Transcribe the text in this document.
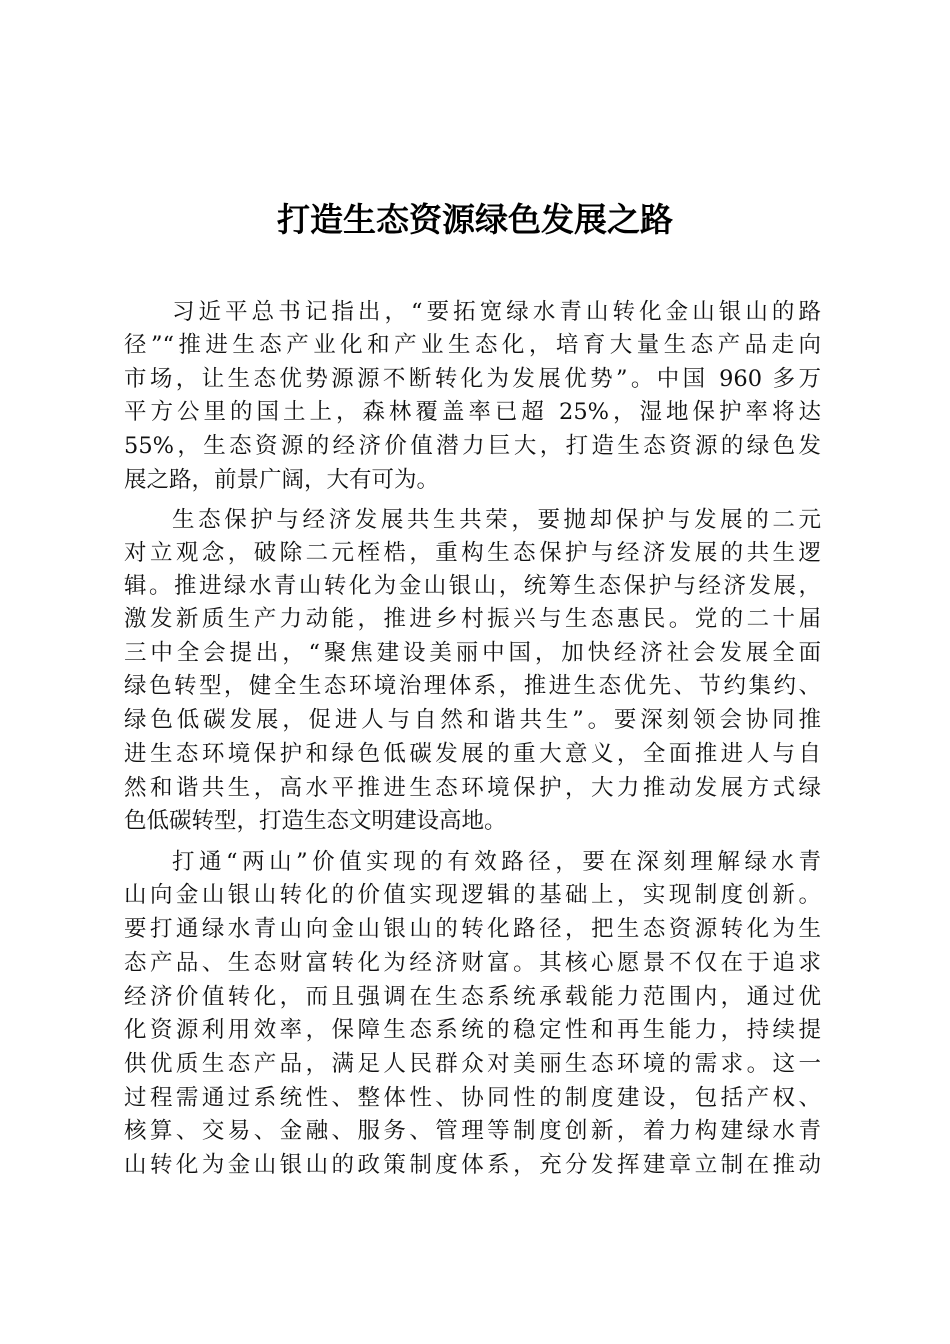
打造生态资源绿色发展之路
习近平总书记指出，“要拓宽绿水青山转化金山银山的路
径”“推进生态产业化和产业生态化，培育大量生态产品走向
市场，让生态优势源源不断转化为发展优势”。中国 960 多万
平方公里的国土上，森林覆盖率已超 25%，湿地保护率将达
55%，生态资源的经济价值潜力巨大，打造生态资源的绿色发
展之路，前景广阔，大有可为。
生态保护与经济发展共生共荣，要抛却保护与发展的二元
对立观念，破除二元桎梏，重构生态保护与经济发展的共生逻
辑。推进绿水青山转化为金山银山，统筹生态保护与经济发展，
激发新质生产力动能，推进乡村振兴与生态惠民。党的二十届
三中全会提出，“聚焦建设美丽中国，加快经济社会发展全面
绿色转型，健全生态环境治理体系，推进生态优先、节约集约、
绿色低碳发展，促进人与自然和谐共生”。要深刻领会协同推
进生态环境保护和绿色低碳发展的重大意义，全面推进人与自
然和谐共生，高水平推进生态环境保护，大力推动发展方式绿
色低碳转型，打造生态文明建设高地。
打通“两山”价值实现的有效路径，要在深刻理解绿水青
山向金山银山转化的价值实现逻辑的基础上，实现制度创新。
要打通绿水青山向金山银山的转化路径，把生态资源转化为生
态产品、生态财富转化为经济财富。其核心愿景不仅在于追求
经济价值转化，而且强调在生态系统承载能力范围内，通过优
化资源利用效率，保障生态系统的稳定性和再生能力，持续提
供优质生态产品，满足人民群众对美丽生态环境的需求。这一
过程需通过系统性、整体性、协同性的制度建设，包括产权、
核算、交易、金融、服务、管理等制度创新，着力构建绿水青
山转化为金山银山的政策制度体系，充分发挥建章立制在推动
